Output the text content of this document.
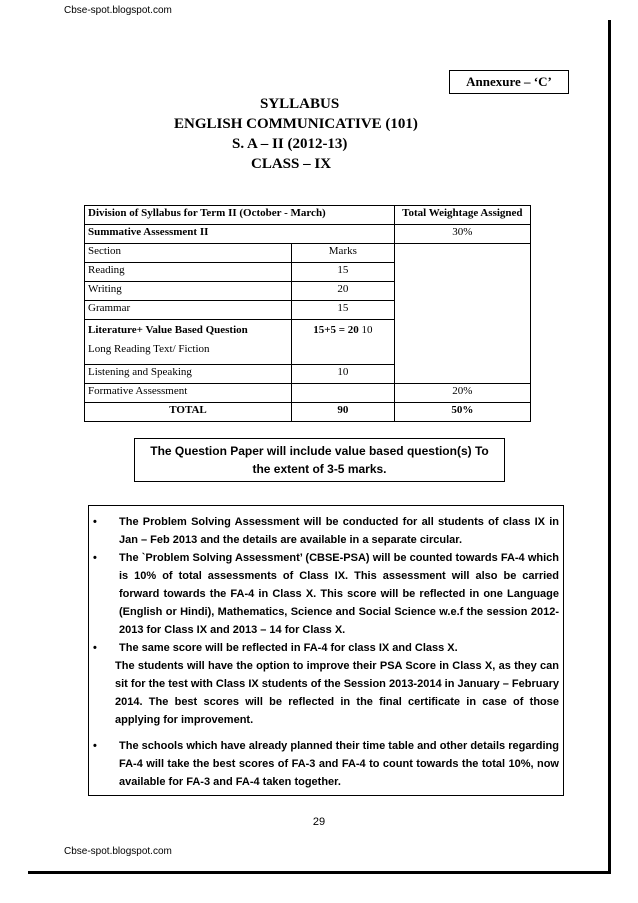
Cbse-spot.blogspot.com
Annexure – ‘C’
SYLLABUS
ENGLISH COMMUNICATIVE (101)
S. A – II (2012-13)
CLASS – IX
Division of Syllabus for Term II (October - March)		Total Weightage Assigned
Summative Assessment II		30%
Section	Marks	
Reading	15	
Writing	20	
Grammar	15	
Literature+ Value Based Question
Long Reading Text/ Fiction	15+5 = 20 10	
Listening and Speaking	10	
Formative Assessment		20%
TOTAL	90	50%
The Question Paper will include value based question(s) To
the extent of 3-5 marks.
• The Problem Solving Assessment will be conducted for all students of class IX in Jan – Feb 2013 and the details are available in a separate circular.
• The `Problem Solving Assessment’ (CBSE-PSA) will be counted towards FA-4 which is 10% of total assessments of Class IX. This assessment will also be carried forward towards the FA-4 in Class X. This score will be reflected in one Language (English or Hindi), Mathematics, Science and Social Science w.e.f the session 2012-2013 for Class IX and 2013 – 14 for Class X.
• The same score will be reflected in FA-4 for class IX and Class X.
The students will have the option to improve their PSA Score in Class X, as they can sit for the test with Class IX students of the Session 2013-2014 in January – February 2014. The best scores will be reflected in the final certificate in case of those applying for improvement.
• The schools which have already planned their time table and other details regarding FA-4 will take the best scores of FA-3 and FA-4 to count towards the total 10%, now available for FA-3 and FA-4 taken together.
29
Cbse-spot.blogspot.com
